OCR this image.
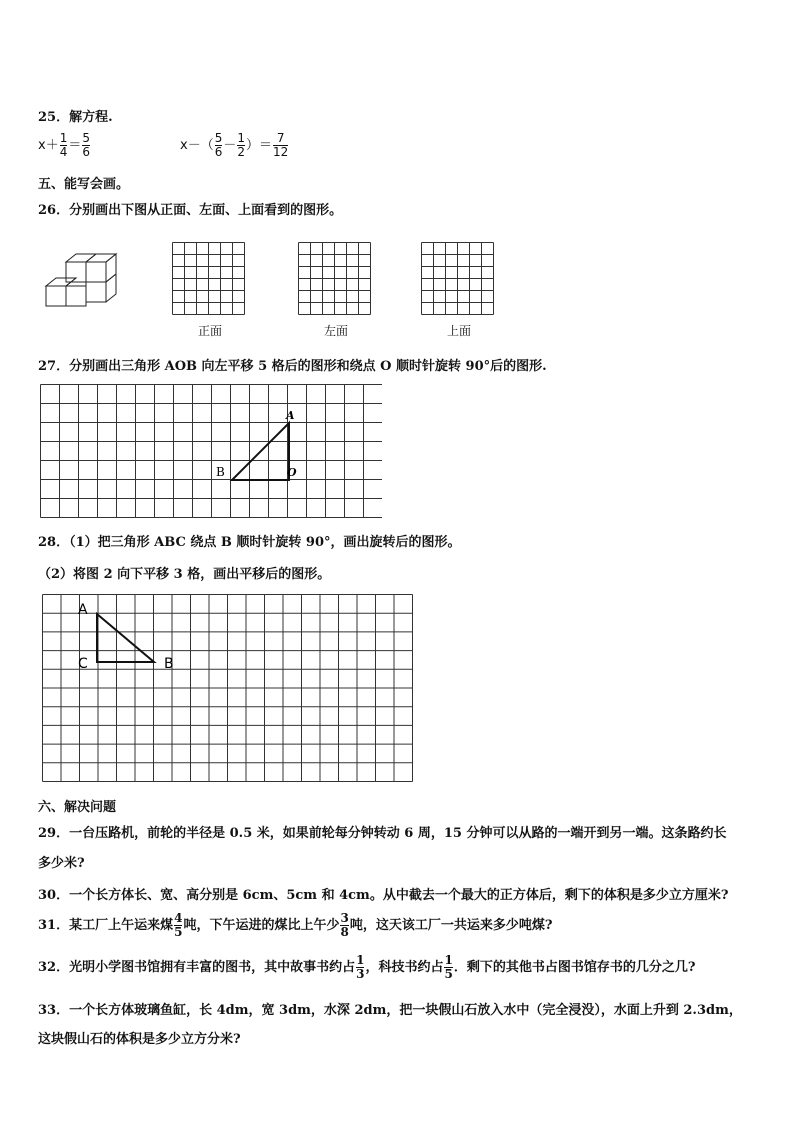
25．解方程.
$x+ \frac{1}{4} = \frac{5}{6}$	$x-( \frac{5}{6} - \frac{1}{2}$ ）＝ $\frac{7}{12}$
五、能写会画。
26．分别画出下图从正面、左面、上面看到的图形。
正面	左面	上面
27．分别画出三角形 AOB 向左平移 5 格后的图形和绕点 O 顺时针旋转 90°后的图形.
A
B	O
28．（1）把三角形 ABC 绕点 B 顺时针旋转 90°，画出旋转后的图形。
（2）将图 2 向下平移 3 格，画出平移后的图形。
A
C	B
六、解决问题
29．一台压路机，前轮的半径是 0.5 米，如果前轮每分钟转动 6 周，15 分钟可以从路的一端开到另一端。这条路约长
多少米?
30．一个长方体长、宽、高分别是 6cm、5cm 和 4cm。从中截去一个最大的正方体后，剩下的体积是多少立方厘米?
31．某工厂上午运来煤 $\frac{4}{5}$ 吨，下午运进的煤比上午少 $\frac{3}{8}$ 吨，这天该工厂一共运来多少吨煤?
32．光明小学图书馆拥有丰富的图书，其中故事书约占 $\frac{1}{3}$ ，科技书约占 $\frac{1}{5}$ ．剩下的其他书占图书馆存书的几分之几?
33．一个长方体玻璃鱼缸，长 4dm，宽 3dm，水深 2dm，把一块假山石放入水中（完全浸没），水面上升到 2.3dm，
这块假山石的体积是多少立方分米?
